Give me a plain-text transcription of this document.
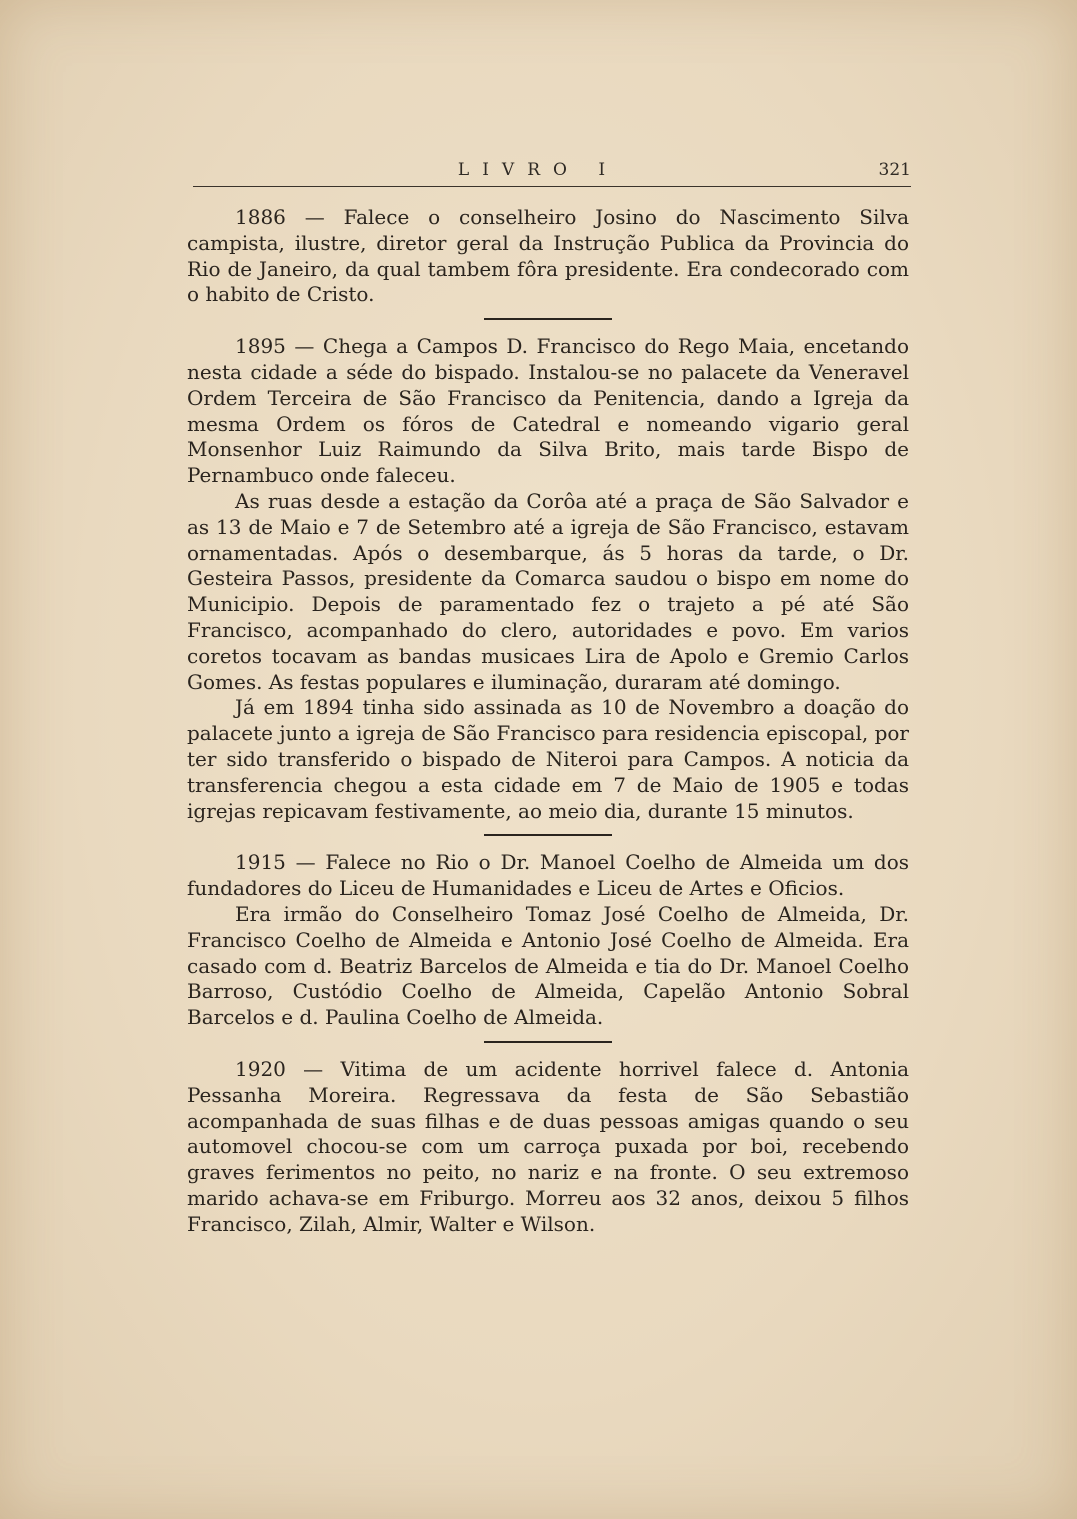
LIVRO I	321

1886 — Falece o conselheiro Josino do Nascimento Silva campista, ilustre, diretor geral da Instrução Publica da Provincia do Rio de Janeiro, da qual tambem fôra presidente. Era condecorado com o habito de Cristo.

1895 — Chega a Campos D. Francisco do Rego Maia, encetando nesta cidade a séde do bispado. Instalou-se no palacete da Veneravel Ordem Terceira de São Francisco da Penitencia, dando a Igreja da mesma Ordem os fóros de Catedral e nomeando vigario geral Monsenhor Luiz Raimundo da Silva Brito, mais tarde Bispo de Pernambuco onde faleceu.

As ruas desde a estação da Corôa até a praça de São Salvador e as 13 de Maio e 7 de Setembro até a igreja de São Francisco, estavam ornamentadas. Após o desembarque, ás 5 horas da tarde, o Dr. Gesteira Passos, presidente da Comarca saudou o bispo em nome do Municipio. Depois de paramentado fez o trajeto a pé até São Francisco, acompanhado do clero, autoridades e povo. Em varios coretos tocavam as bandas musicaes Lira de Apolo e Gremio Carlos Gomes. As festas populares e iluminação, duraram até domingo.

Já em 1894 tinha sido assinada as 10 de Novembro a doação do palacete junto a igreja de São Francisco para residencia episcopal, por ter sido transferido o bispado de Niteroi para Campos. A noticia da transferencia chegou a esta cidade em 7 de Maio de 1905 e todas igrejas repicavam festivamente, ao meio dia, durante 15 minutos.

1915 — Falece no Rio o Dr. Manoel Coelho de Almeida um dos fundadores do Liceu de Humanidades e Liceu de Artes e Oficios.

Era irmão do Conselheiro Tomaz José Coelho de Almeida, Dr. Francisco Coelho de Almeida e Antonio José Coelho de Almeida. Era casado com d. Beatriz Barcelos de Almeida e tia do Dr. Manoel Coelho Barroso, Custódio Coelho de Almeida, Capelão Antonio Sobral Barcelos e d. Paulina Coelho de Almeida.

1920 — Vitima de um acidente horrivel falece d. Antonia Pessanha Moreira. Regressava da festa de São Sebastião acompanhada de suas filhas e de duas pessoas amigas quando o seu automovel chocou-se com um carroça puxada por boi, recebendo graves ferimentos no peito, no nariz e na fronte. O seu extremoso marido achava-se em Friburgo. Morreu aos 32 anos, deixou 5 filhos Francisco, Zilah, Almir, Walter e Wilson.
